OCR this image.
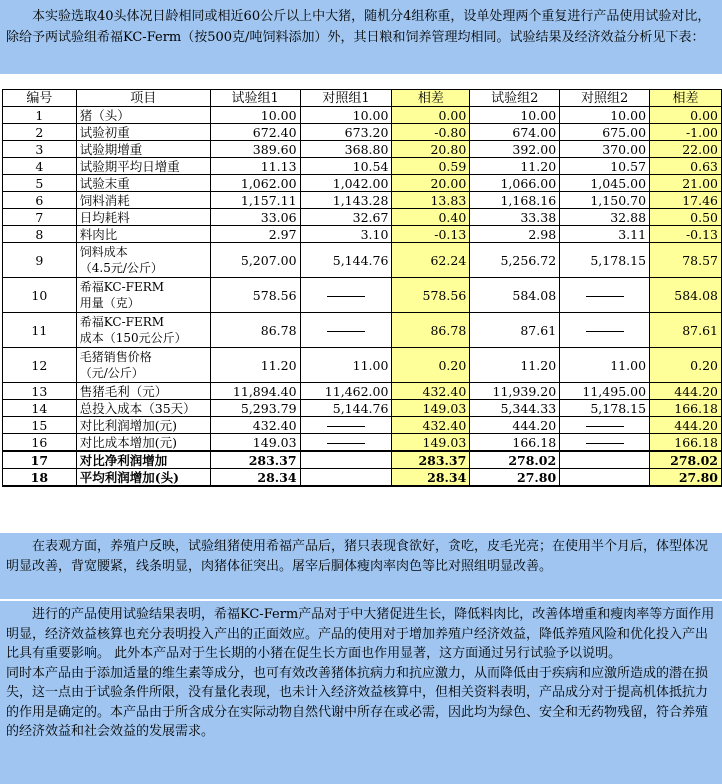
本实验选取40头体况日龄相同或相近60公斤以上中大猪，随机分4组称重，设单处理两个重复进行产品使用试验对比，除给予两试验组希福KC-Ferm（按500克/吨饲料添加）外，其日粮和饲养管理均相同。试验结果及经济效益分析见下表：
编号	项目	试验组1	对照组1	相差	试验组2	对照组2	相差
1	猪（头）	10.00	10.00	0.00	10.00	10.00	0.00
2	试验初重	672.40	673.20	-0.80	674.00	675.00	-1.00
3	试验期增重	389.60	368.80	20.80	392.00	370.00	22.00
4	试验期平均日增重	11.13	10.54	0.59	11.20	10.57	0.63
5	试验末重	1,062.00	1,042.00	20.00	1,066.00	1,045.00	21.00
6	饲料消耗	1,157.11	1,143.28	13.83	1,168.16	1,150.70	17.46
7	日均耗料	33.06	32.67	0.40	33.38	32.88	0.50
8	料肉比	2.97	3.10	-0.13	2.98	3.11	-0.13
9	饲料成本
（4.5元/公斤）	5,207.00	5,144.76	62.24	5,256.72	5,178.15	78.57
10	希福KC-FERM
用量（克）	578.56		578.56	584.08		584.08
11	希福KC-FERM
成本（150元公斤）	86.78		86.78	87.61		87.61
12	毛猪销售价格
（元/公斤）	11.20	11.00	0.20	11.20	11.00	0.20
13	售猪毛利（元）	11,894.40	11,462.00	432.40	11,939.20	11,495.00	444.20
14	总投入成本（35天）	5,293.79	5,144.76	149.03	5,344.33	5,178.15	166.18
15	对比利润增加(元)	432.40		432.40	444.20		444.20
16	对比成本增加(元)	149.03		149.03	166.18		166.18
17	对比净利润增加	283.37		283.37	278.02		278.02
18	平均利润增加(头)	28.34		28.34	27.80		27.80

在表观方面，养殖户反映，试验组猪使用希福产品后，猪只表现食欲好，贪吃，皮毛光亮；在使用半个月后，体型体况明显改善，背宽腰紧，线条明显，肉猪体征突出。屠宰后胴体瘦肉率肉色等比对照组明显改善。

进行的产品使用试验结果表明，希福KC-Ferm产品对于中大猪促进生长，降低料肉比，改善体增重和瘦肉率等方面作用明显，经济效益核算也充分表明投入产出的正面效应。产品的使用对于增加养殖户经济效益，降低养殖风险和优化投入产出比具有重要影响。 此外本产品对于生长期的小猪在促生长方面也作用显著，这方面通过另行试验予以说明。

同时本产品由于添加适量的维生素等成分，也可有效改善猪体抗病力和抗应激力，从而降低由于疾病和应激所造成的潜在损失，这一点由于试验条件所限，没有量化表现，也未计入经济效益核算中，但相关资料表明，产品成分对于提高机体抵抗力的作用是确定的。本产品由于所含成分在实际动物自然代谢中所存在或必需，因此均为绿色、安全和无药物残留，符合养殖的经济效益和社会效益的发展需求。
